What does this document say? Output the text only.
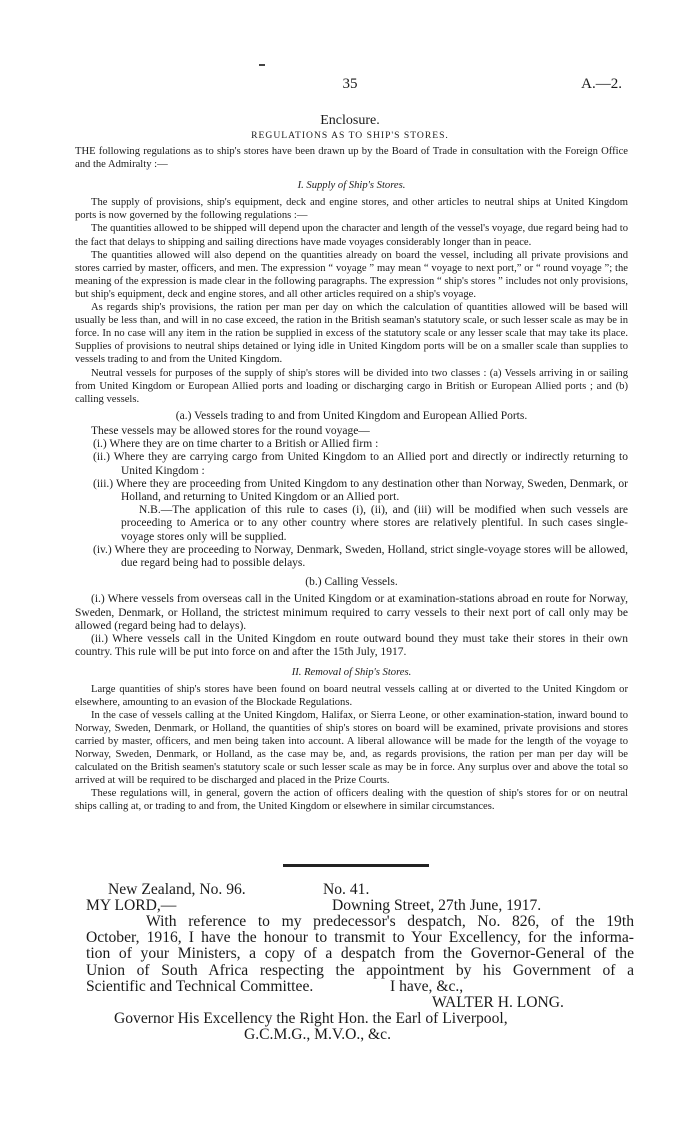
35	A.—2.
Enclosure.
REGULATIONS AS TO SHIP'S STORES.

THE following regulations as to ship's stores have been drawn up by the Board of Trade in consultation with the Foreign Office and the Admiralty :—

I. Supply of Ship's Stores.

The supply of provisions, ship's equipment, deck and engine stores, and other articles to neutral ships at United Kingdom ports is now governed by the following regulations :—

The quantities allowed to be shipped will depend upon the character and length of the vessel's voyage, due regard being had to the fact that delays to shipping and sailing directions have made voyages considerably longer than in peace.

The quantities allowed will also depend on the quantities already on board the vessel, including all private provisions and stores carried by master, officers, and men. The expression “ voyage ” may mean “ voyage to next port,” or “ round voyage ”; the meaning of the expression is made clear in the following paragraphs. The expression “ ship's stores ” includes not only provisions, but ship's equipment, deck and engine stores, and all other articles required on a ship's voyage.

As regards ship's provisions, the ration per man per day on which the calculation of quantities allowed will be based will usually be less than, and will in no case exceed, the ration in the British seaman's statutory scale, or such lesser scale as may be in force. In no case will any item in the ration be supplied in excess of the statutory scale or any lesser scale that may take its place. Supplies of provisions to neutral ships detained or lying idle in United Kingdom ports will be on a smaller scale than supplies to vessels trading to and from the United Kingdom.

Neutral vessels for purposes of the supply of ship's stores will be divided into two classes : (a) Vessels arriving in or sailing from United Kingdom or European Allied ports and loading or discharging cargo in British or European Allied ports ; and (b) calling vessels.

(a.) Vessels trading to and from United Kingdom and European Allied Ports.

These vessels may be allowed stores for the round voyage—

(i.) Where they are on time charter to a British or Allied firm :

(ii.) Where they are carrying cargo from United Kingdom to an Allied port and directly or indirectly returning to United Kingdom :

(iii.) Where they are proceeding from United Kingdom to any destination other than Norway, Sweden, Denmark, or Holland, and returning to United Kingdom or an Allied port.

N.B.—The application of this rule to cases (i), (ii), and (iii) will be modified when such vessels are proceeding to America or to any other country where stores are relatively plentiful. In such cases single-voyage stores only will be supplied.

(iv.) Where they are proceeding to Norway, Denmark, Sweden, Holland, strict single-voyage stores will be allowed, due regard being had to possible delays.

(b.) Calling Vessels.

(i.) Where vessels from overseas call in the United Kingdom or at examination-stations abroad en route for Norway, Sweden, Denmark, or Holland, the strictest minimum required to carry vessels to their next port of call only may be allowed (regard being had to delays).

(ii.) Where vessels call in the United Kingdom en route outward bound they must take their stores in their own country. This rule will be put into force on and after the 15th July, 1917.

II. Removal of Ship's Stores.

Large quantities of ship's stores have been found on board neutral vessels calling at or diverted to the United Kingdom or elsewhere, amounting to an evasion of the Blockade Regulations.

In the case of vessels calling at the United Kingdom, Halifax, or Sierra Leone, or other examination-station, inward bound to Norway, Sweden, Denmark, or Holland, the quantities of ship's stores on board will be examined, private provisions and stores carried by master, officers, and men being taken into account. A liberal allowance will be made for the length of the voyage to Norway, Sweden, Denmark, or Holland, as the case may be, and, as regards provisions, the ration per man per day will be calculated on the British seamen's statutory scale or such lesser scale as may be in force. Any surplus over and above the total so arrived at will be required to be discharged and placed in the Prize Courts.

These regulations will, in general, govern the action of officers dealing with the question of ship's stores for or on neutral ships calling at, or trading to and from, the United Kingdom or elsewhere in similar circumstances.

New Zealand, No. 96.	No. 41.
MY LORD,—	Downing Street, 27th June, 1917.
With reference to my predecessor's despatch, No. 826, of the 19th
October, 1916, I have the honour to transmit to Your Excellency, for the informa-
tion of your Ministers, a copy of a despatch from the Governor-General of the
Union of South Africa respecting the appointment by his Government of a
Scientific and Technical Committee.	I have, &c.,
WALTER H. LONG.
Governor His Excellency the Right Hon. the Earl of Liverpool,
G.C.M.G., M.V.O., &c.
